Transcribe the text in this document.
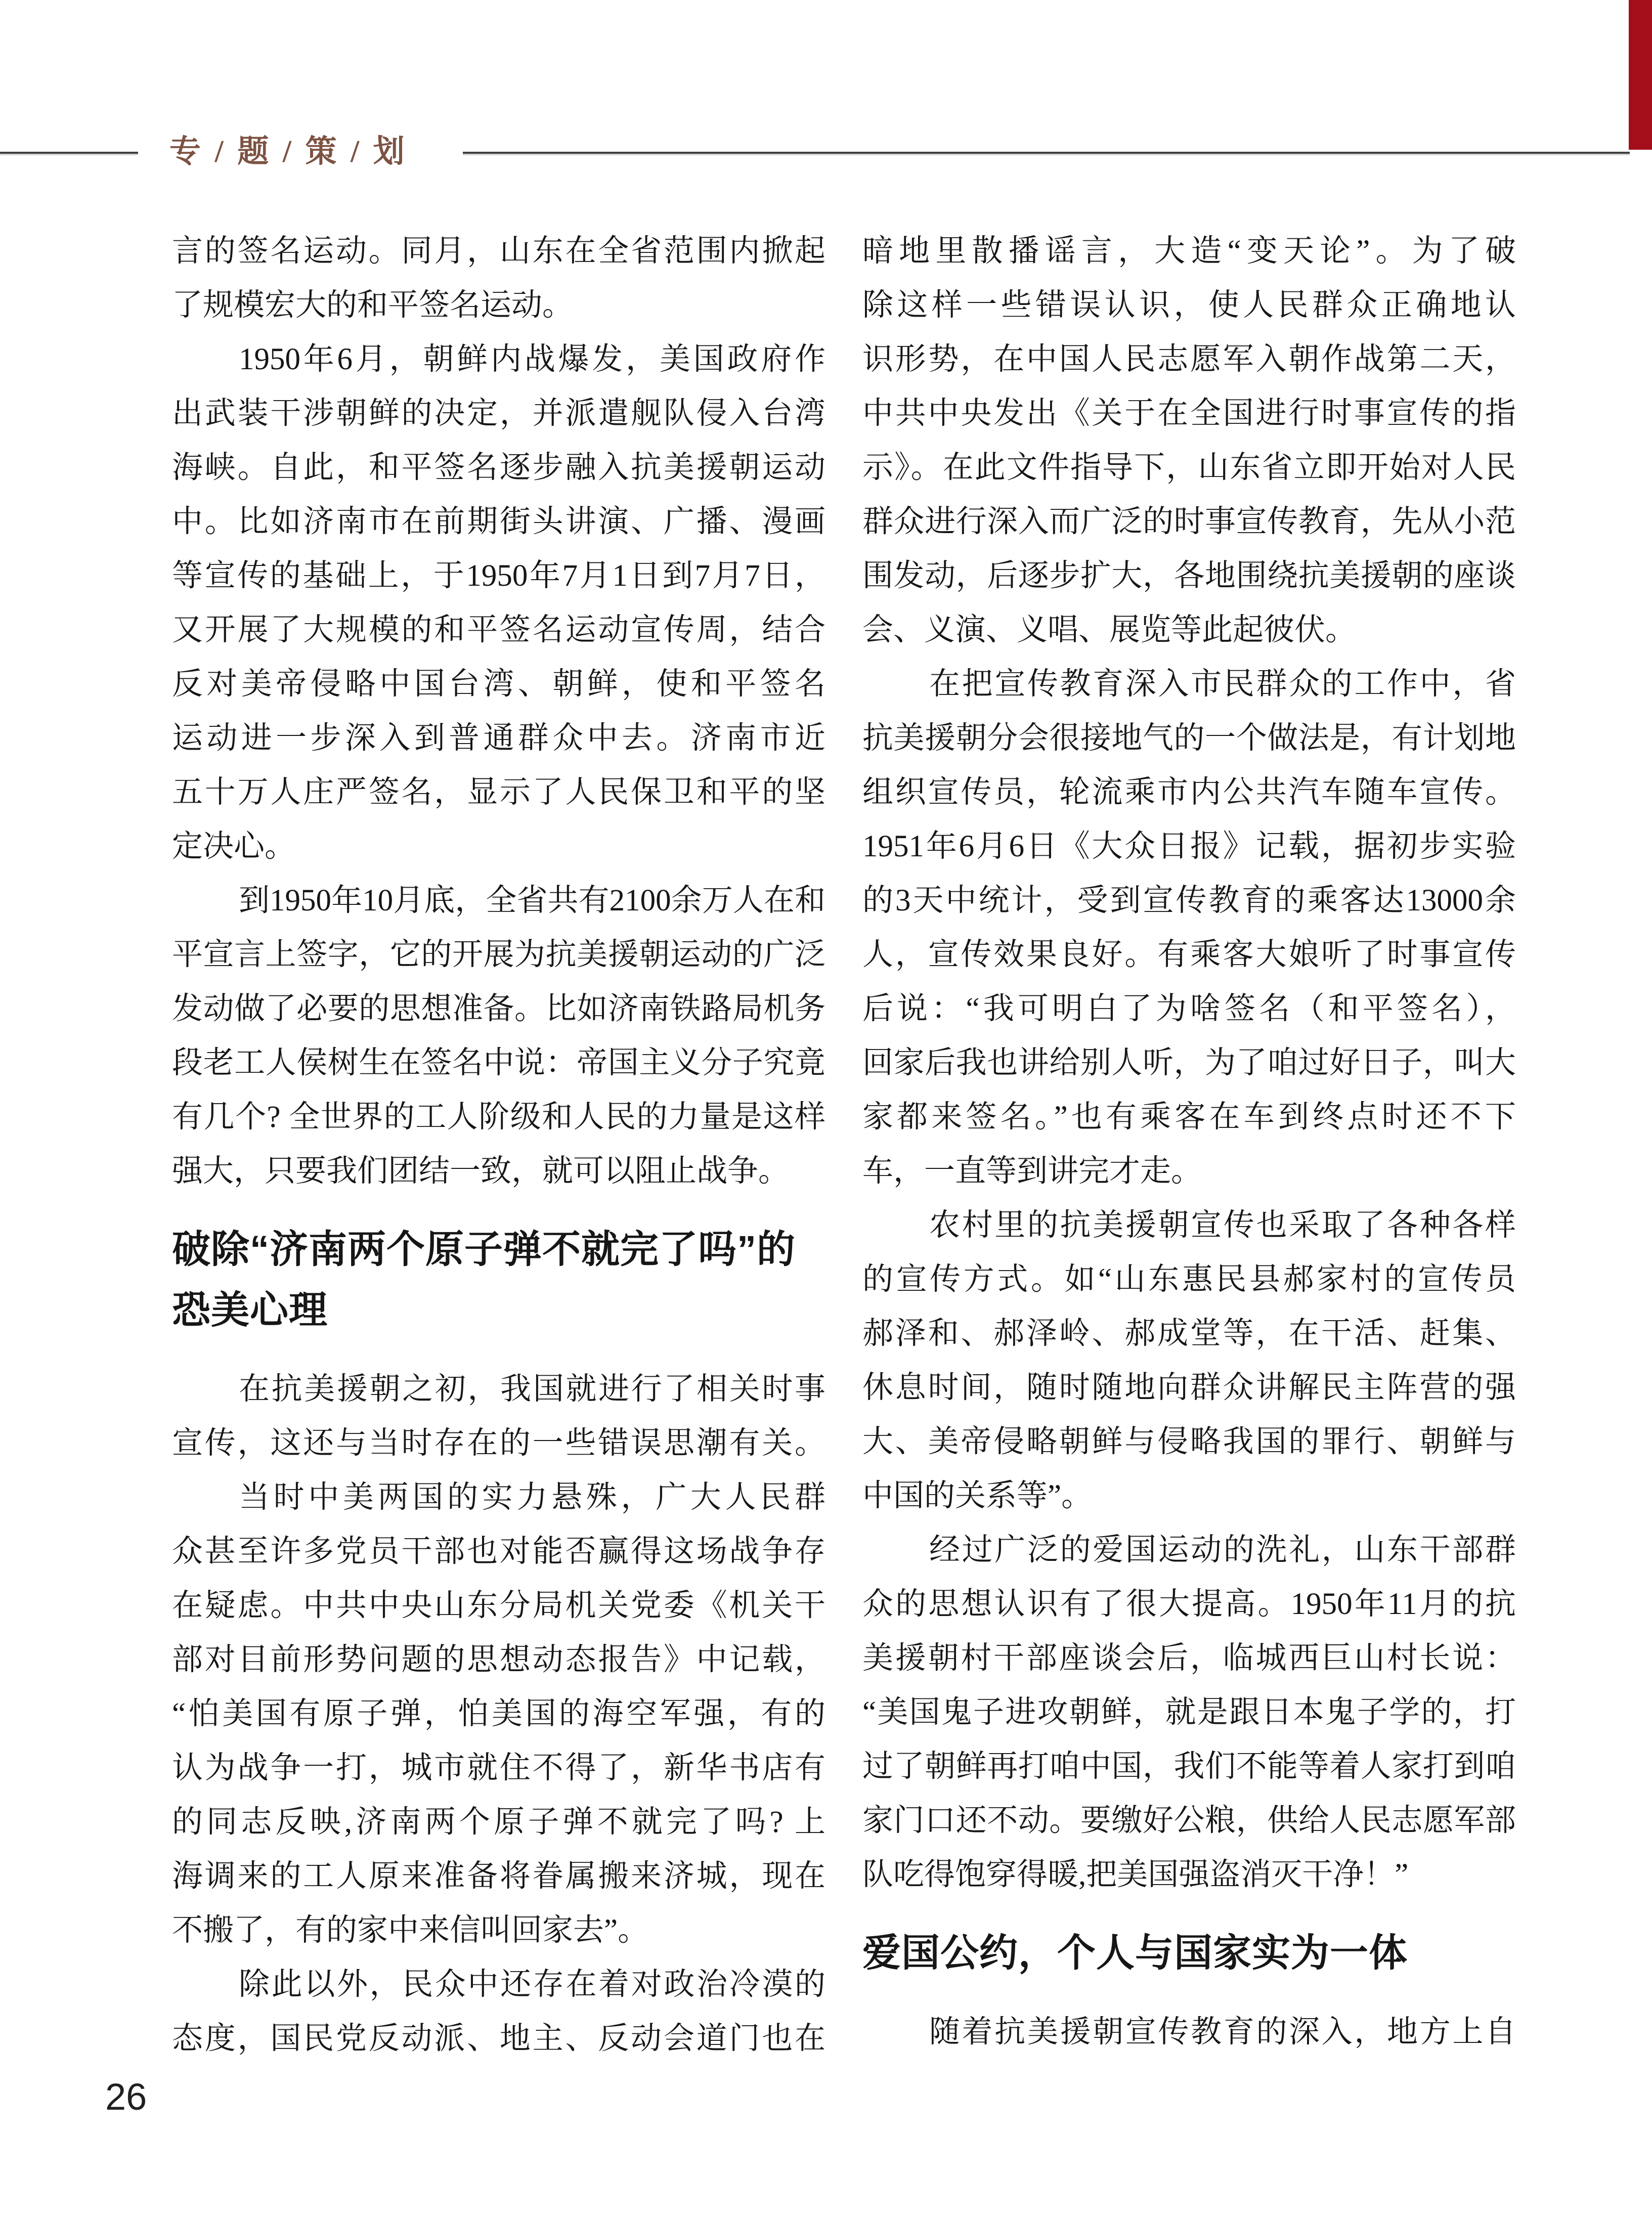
专 / 题 / 策 / 划
言的签名运动。同月，山东在全省范围内掀起
了规模宏大的和平签名运动。
1950年6月，朝鲜内战爆发，美国政府作
出武装干涉朝鲜的决定，并派遣舰队侵入台湾
海峡。自此，和平签名逐步融入抗美援朝运动
中。比如济南市在前期街头讲演、广播、漫画
等宣传的基础上，于1950年7月1日到7月7日，
又开展了大规模的和平签名运动宣传周，结合
反对美帝侵略中国台湾、朝鲜，使和平签名
运动进一步深入到普通群众中去。济南市近
五十万人庄严签名，显示了人民保卫和平的坚
定决心。
到1950年10月底，全省共有2100余万人在和
平宣言上签字，它的开展为抗美援朝运动的广泛
发动做了必要的思想准备。比如济南铁路局机务
段老工人侯树生在签名中说：帝国主义分子究竟
有几个? 全世界的工人阶级和人民的力量是这样
强大，只要我们团结一致，就可以阻止战争。
破除“济南两个原子弹不就完了吗”的
恐美心理
在抗美援朝之初，我国就进行了相关时事
宣传，这还与当时存在的一些错误思潮有关。
当时中美两国的实力悬殊，广大人民群
众甚至许多党员干部也对能否赢得这场战争存
在疑虑。中共中央山东分局机关党委《机关干
部对目前形势问题的思想动态报告》中记载，
“怕美国有原子弹，怕美国的海空军强，有的
认为战争一打，城市就住不得了，新华书店有
的同志反映,济南两个原子弹不就完了吗? 上
海调来的工人原来准备将眷属搬来济城，现在
不搬了，有的家中来信叫回家去”。
除此以外，民众中还存在着对政治冷漠的
态度，国民党反动派、地主、反动会道门也在
暗地里散播谣言，大造“变天论”。为了破
除这样一些错误认识，使人民群众正确地认
识形势，在中国人民志愿军入朝作战第二天，
中共中央发出《关于在全国进行时事宣传的指
示》。在此文件指导下，山东省立即开始对人民
群众进行深入而广泛的时事宣传教育，先从小范
围发动，后逐步扩大，各地围绕抗美援朝的座谈
会、义演、义唱、展览等此起彼伏。
在把宣传教育深入市民群众的工作中，省
抗美援朝分会很接地气的一个做法是，有计划地
组织宣传员，轮流乘市内公共汽车随车宣传。
1951年6月6日《大众日报》记载，据初步实验
的3天中统计，受到宣传教育的乘客达13000余
人，宣传效果良好。有乘客大娘听了时事宣传
后说：“我可明白了为啥签名（和平签名），
回家后我也讲给别人听，为了咱过好日子，叫大
家都来签名。”也有乘客在车到终点时还不下
车，一直等到讲完才走。
农村里的抗美援朝宣传也采取了各种各样
的宣传方式。如“山东惠民县郝家村的宣传员
郝泽和、郝泽岭、郝成堂等，在干活、赶集、
休息时间，随时随地向群众讲解民主阵营的强
大、美帝侵略朝鲜与侵略我国的罪行、朝鲜与
中国的关系等”。
经过广泛的爱国运动的洗礼，山东干部群
众的思想认识有了很大提高。1950年11月的抗
美援朝村干部座谈会后，临城西巨山村长说：
“美国鬼子进攻朝鲜，就是跟日本鬼子学的，打
过了朝鲜再打咱中国，我们不能等着人家打到咱
家门口还不动。要缴好公粮，供给人民志愿军部
队吃得饱穿得暖,把美国强盗消灭干净！”
爱国公约，个人与国家实为一体
随着抗美援朝宣传教育的深入，地方上自
26
